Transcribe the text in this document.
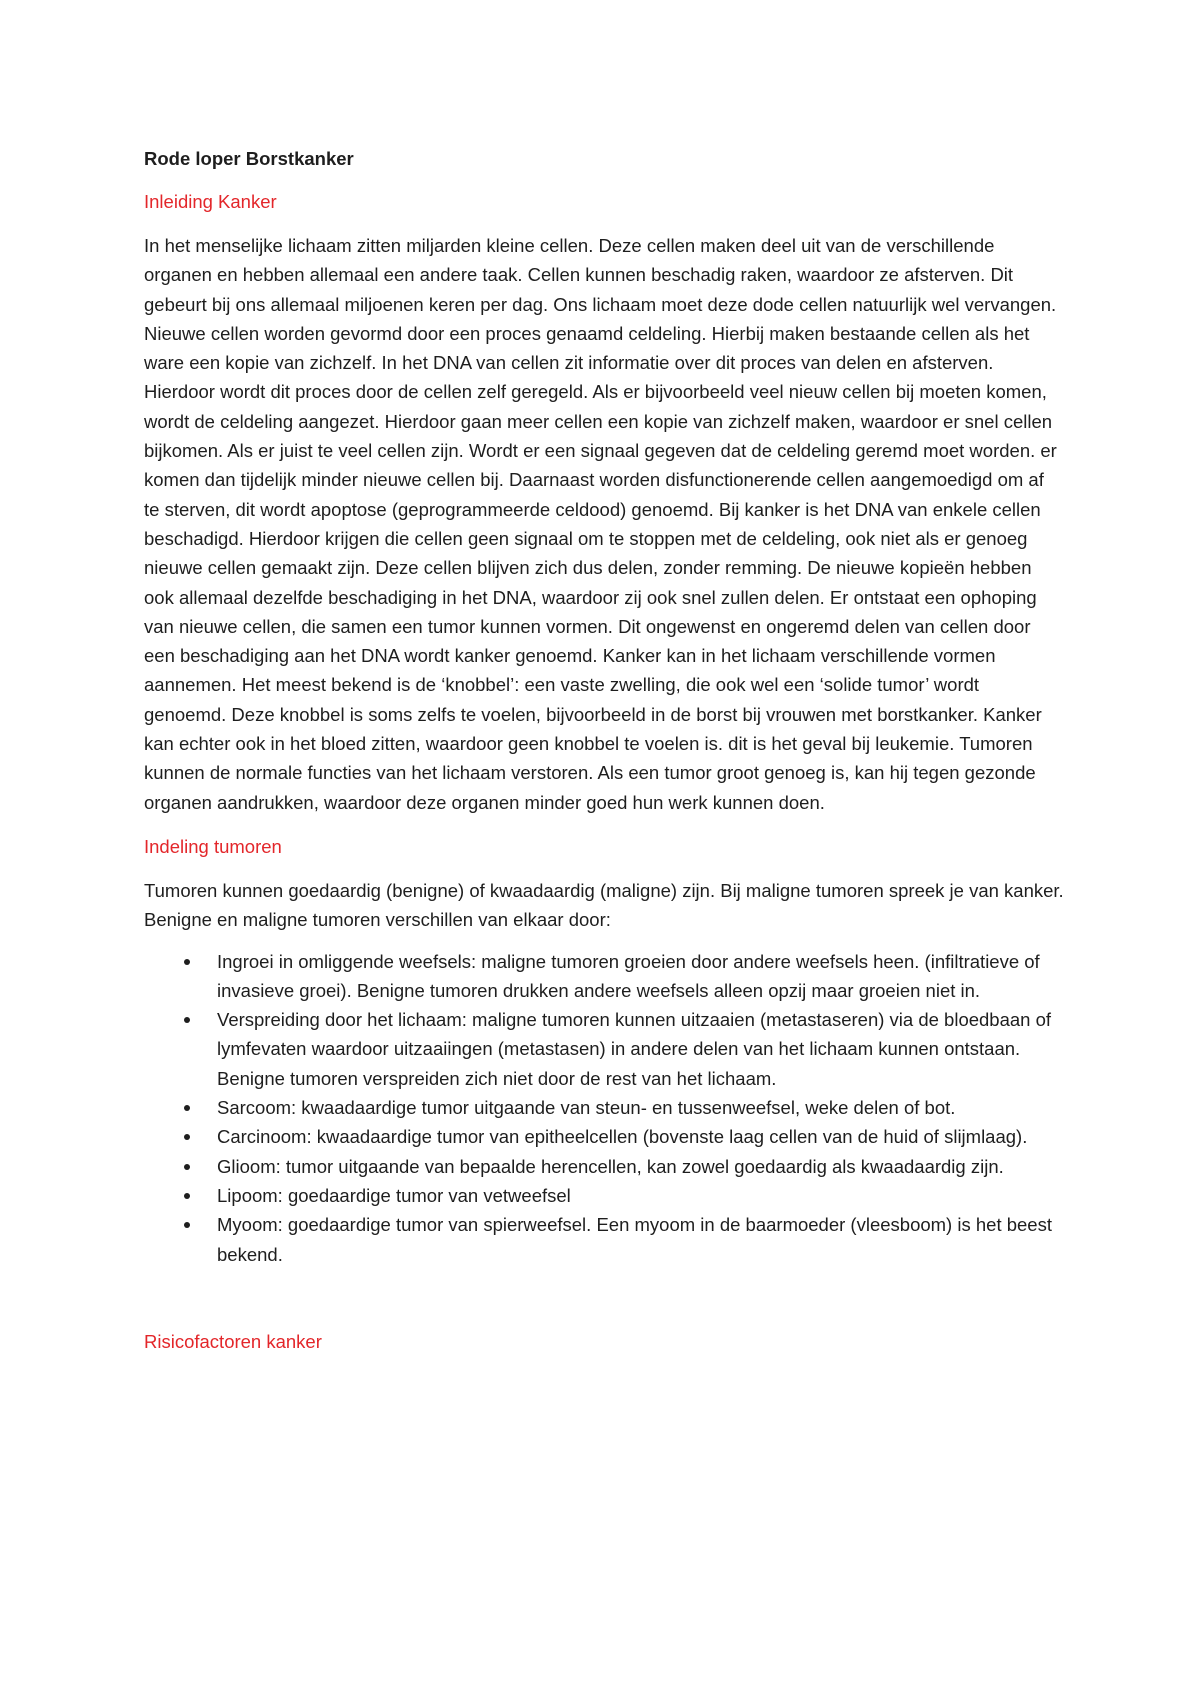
Rode loper Borstkanker
Inleiding Kanker
In het menselijke lichaam zitten miljarden kleine cellen. Deze cellen maken deel uit van de verschillende organen en hebben allemaal een andere taak. Cellen kunnen beschadig raken, waardoor ze afsterven. Dit gebeurt bij ons allemaal miljoenen keren per dag. Ons lichaam moet deze dode cellen natuurlijk wel vervangen. Nieuwe cellen worden gevormd door een proces genaamd celdeling. Hierbij maken bestaande cellen als het ware een kopie van zichzelf. In het DNA van cellen zit informatie over dit proces van delen en afsterven. Hierdoor wordt dit proces door de cellen zelf geregeld. Als er bijvoorbeeld veel nieuw cellen bij moeten komen, wordt de celdeling aangezet. Hierdoor gaan meer cellen een kopie van zichzelf maken, waardoor er snel cellen bijkomen. Als er juist te veel cellen zijn. Wordt er een signaal gegeven dat de celdeling geremd moet worden. er komen dan tijdelijk minder nieuwe cellen bij. Daarnaast worden disfunctionerende cellen aangemoedigd om af te sterven, dit wordt apoptose (geprogrammeerde celdood) genoemd. Bij kanker is het DNA van enkele cellen beschadigd. Hierdoor krijgen die cellen geen signaal om te stoppen met de celdeling, ook niet als er genoeg nieuwe cellen gemaakt zijn. Deze cellen blijven zich dus delen, zonder remming. De nieuwe kopieën hebben ook allemaal dezelfde beschadiging in het DNA, waardoor zij ook snel zullen delen. Er ontstaat een ophoping van nieuwe cellen, die samen een tumor kunnen vormen. Dit ongewenst en ongeremd delen van cellen door een beschadiging aan het DNA wordt kanker genoemd. Kanker kan in het lichaam verschillende vormen aannemen. Het meest bekend is de ‘knobbel’: een vaste zwelling, die ook wel een ‘solide tumor’ wordt genoemd. Deze knobbel is soms zelfs te voelen, bijvoorbeeld in de borst bij vrouwen met borstkanker. Kanker kan echter ook in het bloed zitten, waardoor geen knobbel te voelen is. dit is het geval bij leukemie. Tumoren kunnen de normale functies van het lichaam verstoren. Als een tumor groot genoeg is, kan hij tegen gezonde organen aandrukken, waardoor deze organen minder goed hun werk kunnen doen.
Indeling tumoren
Tumoren kunnen goedaardig (benigne) of kwaadaardig (maligne) zijn. Bij maligne tumoren spreek je van kanker. Benigne en maligne tumoren verschillen van elkaar door:
Ingroei in omliggende weefsels: maligne tumoren groeien door andere weefsels heen. (infiltratieve of invasieve groei). Benigne tumoren drukken andere weefsels alleen opzij maar groeien niet in.
Verspreiding door het lichaam: maligne tumoren kunnen uitzaaien (metastaseren) via de bloedbaan of lymfevaten waardoor uitzaaiingen (metastasen) in andere delen van het lichaam kunnen ontstaan. Benigne tumoren verspreiden zich niet door de rest van het lichaam.
Sarcoom: kwaadaardige tumor uitgaande van steun- en tussenweefsel, weke delen of bot.
Carcinoom: kwaadaardige tumor van epitheelcellen (bovenste laag cellen van de huid of slijmlaag).
Glioom: tumor uitgaande van bepaalde herencellen, kan zowel goedaardig als kwaadaardig zijn.
Lipoom: goedaardige tumor van vetweefsel
Myoom: goedaardige tumor van spierweefsel. Een myoom in de baarmoeder (vleesboom) is het beest bekend.
Risicofactoren kanker
